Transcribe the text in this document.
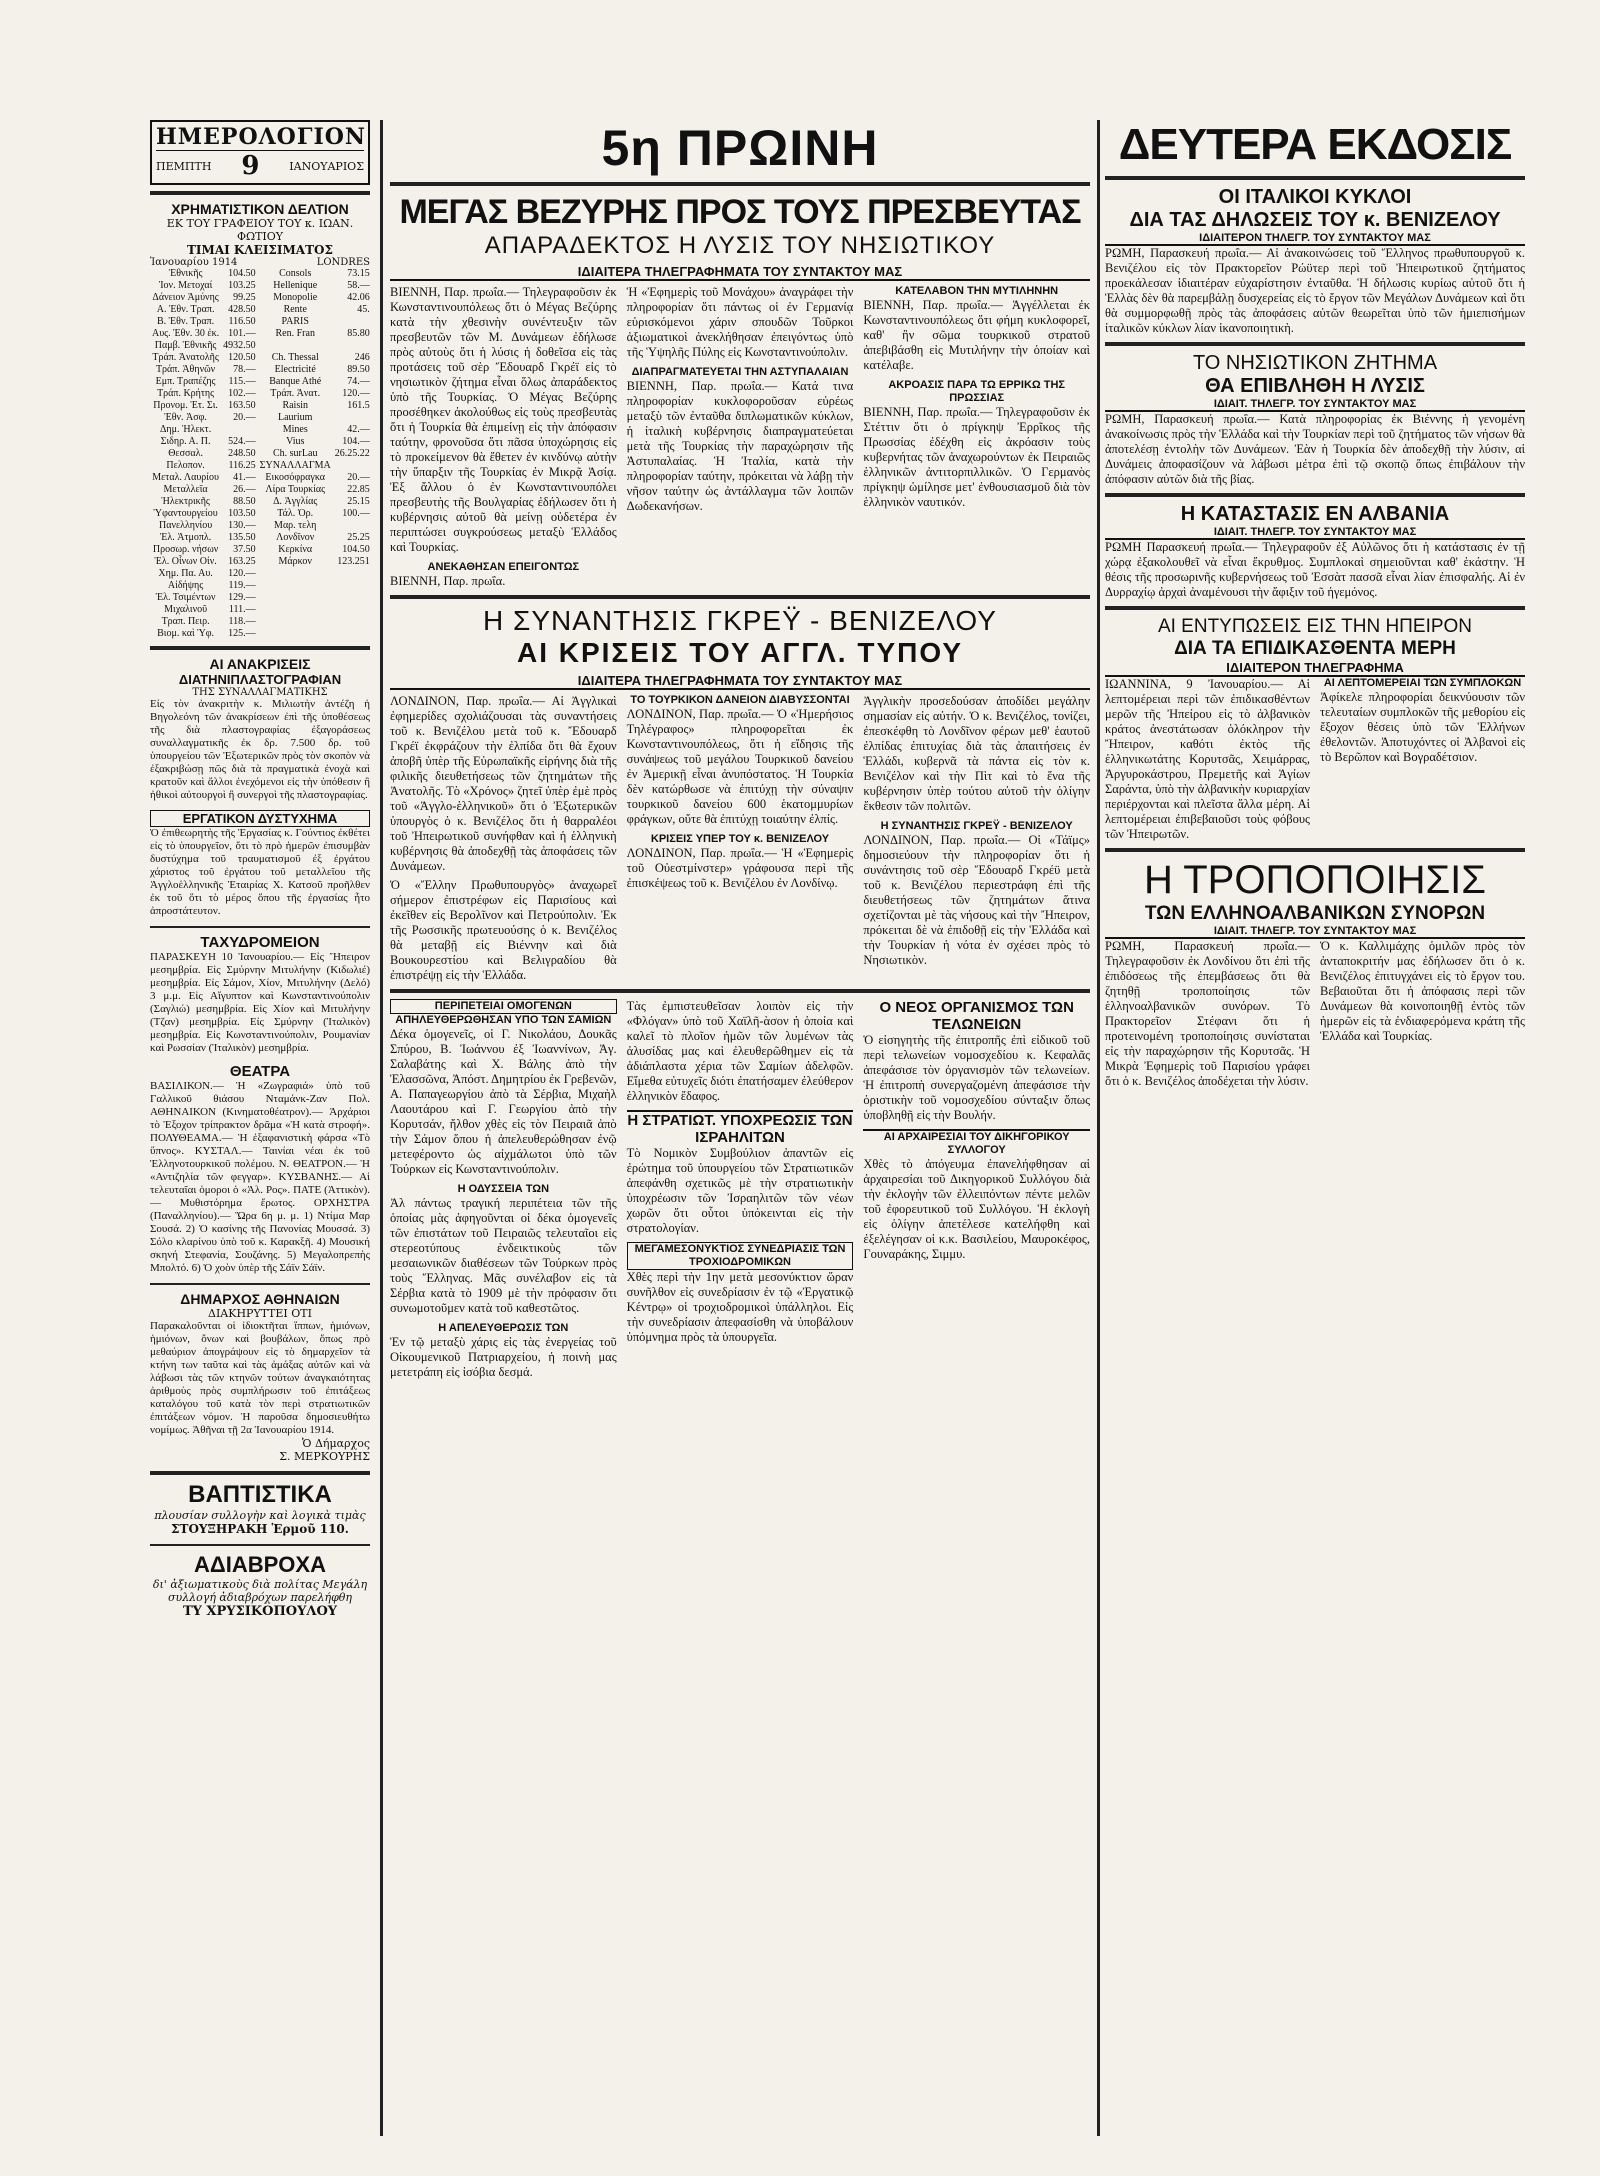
ΗΜΕΡΟΛΟΓΙΟΝ
ΠΕΜΠΤΗ 9	ΙΑΝΟΥΑΡΙΟΣ
ΧΡΗΜΑΤΙΣΤΙΚΟΝ ΔΕΛΤΙΟΝ
ΕΚ ΤΟΥ ΓΡΑΦΕΙΟΥ ΤΟΥ κ. ΙΩΑΝ. ΦΩΤΙΟΥ
ΤΙΜΑΙ ΚΛΕΙΣΙΜΑΤΟΣ
Ἰανουαρίου 1914	LONDRES
Ἐθνικῆς	104.50	Consols	73.15
Ἰον. Μετοχαί	103.25	Hellenique	58.—
Δάνειον Ἀμύνης	99.25	Monopolie	42.06
Α. Ἐθν. Τραπ.	428.50	Rente	45.
Β. Ἐθν. Τραπ.	116.50	PARIS	
Αυς. Ἐθν. 30 ἐκ.	101.—	Ren. Fran	85.80
Παμβ. Ἐθνικῆς	4932.50		
Τράπ. Ἀνατολῆς	120.50	Ch. Thessal	246
Τράπ. Ἀθηνῶν	78.—	Electricité	89.50
Εμπ. Τραπέζης	115.—	Banque Athé	74.—
Τράπ. Κρήτης	102.—	Τράπ. Ἀνατ.	120.—
Προνομ. Ἐτ. Σι.	163.50	Raisin	161.5
Ἐθν. Ἀσφ.	20.—	Laurium	
Δημ. Ἠλεκτ.		Mines	42.—
Σιδηρ. Α. Π.	524.—	Vius	104.—
Θεσσαλ.	248.50	Ch. surLau	26.25.22
Πελοπον.	116.25	ΣΥΝΑΛΛΑΓΜΑ	
Μεταλ. Λαυρίου	41.—	Εικοσόφραγκα	20.—
Μεταλλεῖα	26.—	Λίρα Τουρκίας	22.85
Ἠλεκτρικῆς	88.50	Δ. Ἀγγλίας	25.15
Ὑφαντουργείου	103.50	Τάλ. Ὀρ.	100.—
Πανελληνίου	130.—	Μαρ. τελη	
Ἐλ. Ἀτμοπλ.	135.50	Λονδῖνον	25.25
Προσωρ. νήσων	37.50	Κερκίνα	104.50
Ἐλ. Οἶνων Οἰν.	163.25	Μάρκον	123.251
Χημ. Πα. Αυ.	120.—		
Αἰδήψης	119.—		
Ἐλ. Τσιμέντων	129.—		
Μιχαλινοῦ	111.—		
Τραπ. Πειρ.	118.—		
Βιομ. καὶ Ὑφ.	125.—		
ΑΙ ΑΝΑΚΡΙΣΕΙΣ
ΔΙΑΤΗΝΙΠΛΑΣΤΟΓΡΑΦΙΑΝ
ΤΗΣ ΣΥΝΑΛΛΑΓΜΑΤΙΚΗΣ
Εἰς τὸν ἀνακριτὴν κ. Μιλιωτὴν ἀντέζη ἡ Βηγολεόνη τῶν ἀνακρίσεων ἐπὶ τῆς ὑποθέσεως τῆς διὰ πλαστογραφίας ἐξαγοράσεως συναλλαγματικῆς ἐκ δρ. 7.500 δρ. τοῦ ὑπουργείου τῶν Ἐξωτερικῶν πρὸς τὸν σκοπὸν νὰ ἐξακριβώσῃ πῶς διὰ τὰ πραγματικὰ ἐνοχὰ καὶ κρατοῦν καὶ ἄλλοι ἐνεχόμενοι εἰς τὴν ὑπόθεσιν ἢ ἠθικοὶ αὐτουργοὶ ἢ συνεργοὶ τῆς πλαστογραφίας.
ΕΡΓΑΤΙΚΟΝ ΔΥΣΤΥΧΗΜΑ
Ὁ ἐπιθεωρητὴς τῆς Ἐργασίας κ. Γούντιος ἐκθέτει εἰς τὸ ὑπουργεῖον, ὅτι τὸ πρὸ ἡμερῶν ἐπισυμβὰν δυστύχημα τοῦ τραυματισμοῦ ἐξ ἐργάτου χάριστος τοῦ ἐργάτου τοῦ μεταλλεῖου τῆς Ἀγγλοἑλληνικῆς Ἑταιρίας Χ. Κατσοῦ προῆλθεν ἐκ τοῦ ὅτι τὸ μέρος ὅπου τῆς ἐργασίας ἦτο ἀπροστάτευτον.
ΤΑΧΥΔΡΟΜΕΙΟΝ
ΠΑΡΑΣΚΕΥΗ 10 Ἰανουαρίου.— Εἰς Ἤπειρον μεσημβρία. Εἰς Σμύρνην Μιτυλήνην (Κιδωλιέ) μεσημβρία. Εἰς Σάμον, Χίον, Μιτυλήνην (Δελό) 3 μ.μ. Εἰς Αἴγυπτον καὶ Κωνσταντινούπολιν (Σαγλιώ) μεσημβρία. Εἰς Χίον καὶ Μιτυλήνην (Τζαν) μεσημβρία. Εἰς Σμύρνην (Ἰταλικὸν) μεσημβρία. Εἰς Κωνσταντινούπολιν, Ρουμανίαν καὶ Ρωσσίαν (Ἰταλικὸν) μεσημβρία.
ΘΕΑΤΡΑ
ΒΑΣΙΛΙΚΟΝ.— Ἡ «Ζωγραφιά» ὑπὸ τοῦ Γαλλικοῦ θιάσου Νταμάνκ-Ζαν Πολ. ΑΘΗΝΑΙΚΟΝ (Κινηματοθέατρον).— Ἀρχάριοι τὸ Ἐξοχον τρίπρακτον δρᾶμα «Ἡ κατὰ στροφή». ΠΟΛΥΘΕΑΜΑ.— Ἡ ἐξαφανιστικὴ φάρσα «Τὸ ὕπνος». ΚΥΣΤΑΛ.— Ταινίαι νέαι ἐκ τοῦ Ἑλληνοτουρκικοῦ πολέμου. Ν. ΘΕΑΤΡΟΝ.— Ἡ «Αντιζηλία τῶν φεγγαρ». ΚΥΣΒΑΝΗΣ.— Αἱ τελευταῖαι ὁμοροι ὁ «Ἀλ. Ρος». ΠΑΤΕ (Ἀττικὸν).— Μυθιστόρημα ἔρωτος. ΟΡΧΗΣΤΡΑ (Παναλληνίου).— Ὥρα 6η μ. μ. 1) Ντίμα Μαρ Σουσά. 2) Ὁ κασίνης τῆς Πανονίας Μουσσά. 3) Σόλο κλαρίνου ὑπὸ τοῦ κ. Καρακξῆ. 4) Μουσική σκηνή Στεφανία, Σουζάνης. 5) Μεγαλοπρεπὴς Μπολτό. 6) Ὁ χοὸν ὑπὲρ τῆς Σάϊν Σάϊν.
ΔΗΜΑΡΧΟΣ ΑΘΗΝΑΙΩΝ
ΔΙΑΚΗΡΥΤΤΕΙ ΟΤΙ
Παρακαλοῦνται οἱ ἰδιοκτῆται ἵππων, ἡμιόνων, ἡμιόνων, ὄνων καὶ βουβάλων, ὅπως πρὸ μεθαύριον ἀπογράψουν εἰς τὸ δημαρχεῖον τὰ κτήνη των ταῦτα καὶ τὰς ἀμάξας αὐτῶν καὶ νὰ λάβωσι τὰς τῶν κτηνῶν τούτων ἀναγκαιότητας ἀριθμοὺς πρὸς συμπλήρωσιν τοῦ ἐπιτάξεως καταλόγου τοῦ κατὰ τὸν περὶ στρατιωτικῶν ἐπιτάξεων νόμον. Ἡ παροῦσα δημοσιευθήτω νομίμως. Ἀθῆναι τῇ 2α Ἰανουαρίου 1914.
Ὁ Δήμαρχος
Σ. ΜΕΡΚΟΥΡΗΣ
ΒΑΠΤΙΣΤΙΚΑ
πλουσίαν συλλογὴν καὶ λογικὰ τιμὰς
ΣΤΟΥΞΗΡΑΚΗ Ἑρμοῦ 110.
ΑΔΙΑΒΡΟΧΑ
δι' ἀξιωματικοὺς διὰ πολίτας Μεγάλη συλλογή ἀδιαβρόχων παρελήφθη
ΤΥ ΧΡΥΣΙΚΟΠΟΥΛΟΥ
5η ΠΡΩΙΝΗ
ΜΕΓΑΣ ΒΕΖΥΡΗΣ ΠΡΟΣ ΤΟΥΣ ΠΡΕΣΒΕΥΤΑΣ
ΑΠΑΡΑΔΕΚΤΟΣ Η ΛΥΣΙΣ ΤΟΥ ΝΗΣΙΩΤΙΚΟΥ
ΙΔΙΑΙΤΕΡΑ ΤΗΛΕΓΡΑΦΗΜΑΤΑ ΤΟΥ ΣΥΝΤΑΚΤΟΥ ΜΑΣ
ΒΙΕΝΝΗ, Παρ. πρωΐα.— Τηλεγραφοῦσιν ἐκ Κωνσταντινουπόλεως ὅτι ὁ Μέγας Βεζύρης κατὰ τὴν χθεσινὴν συνέντευξιν τῶν πρεσβευτῶν τῶν Μ. Δυνάμεων ἐδήλωσε πρὸς αὐτοὺς ὅτι ἡ λύσις ἡ δοθεῖσα εἰς τὰς προτάσεις τοῦ σὲρ Ἔδουαρδ Γκρέϊ εἰς τὸ νησιωτικὸν ζήτημα εἶναι ὅλως ἀπαράδεκτος ὑπὸ τῆς Τουρκίας. Ὁ Μέγας Βεζύρης προσέθηκεν ἀκολούθως εἰς τοὺς πρεσβευτὰς ὅτι ἡ Τουρκία θὰ ἐπιμείνῃ εἰς τὴν ἀπόφασιν ταύτην, φρονοῦσα ὅτι πᾶσα ὑποχώρησις εἰς τὸ προκείμενον θὰ ἔθετεν ἐν κινδύνῳ αὐτὴν τὴν ὕπαρξιν τῆς Τουρκίας ἐν Μικρᾷ Ἀσίᾳ. Ἐξ ἄλλου ὁ ἐν Κωνσταντινουπόλει πρεσβευτὴς τῆς Βουλγαρίας ἐδήλωσεν ὅτι ἡ κυβέρνησις αὐτοῦ θὰ μείνῃ οὐδετέρα ἐν περιπτώσει συγκρούσεως μεταξὺ Ἑλλάδος καὶ Τουρκίας.
ΑΝΕΚΑΘΗΣΑΝ ΕΠΕΙΓΟΝΤΩΣ
ΒΙΕΝΝΗ, Παρ. πρωΐα.
Ἡ «Ἐφημερὶς τοῦ Μονάχου» ἀναγράφει τὴν πληροφορίαν ὅτι πάντως οἱ ἐν Γερμανίᾳ εὑρισκόμενοι χάριν σπουδῶν Τοῦρκοι ἀξιωματικοὶ ἀνεκλήθησαν ἐπειγόντως ὑπὸ τῆς Ὑψηλῆς Πύλης εἰς Κωνσταντινούπολιν.
ΔΙΑΠΡΑΓΜΑΤΕΥΕΤΑΙ ΤΗΝ ΑΣΤΥΠΑΛΑΙΑΝ
ΒΙΕΝΝΗ, Παρ. πρωΐα.— Κατά τινα πληροφορίαν κυκλοφοροῦσαν εὐρέως μεταξὺ τῶν ἐνταῦθα διπλωματικῶν κύκλων, ἡ ἰταλικὴ κυβέρνησις διαπραγματεύεται μετὰ τῆς Τουρκίας τὴν παραχώρησιν τῆς Ἀστυπαλαίας. Ἡ Ἰταλία, κατὰ τὴν πληροφορίαν ταύτην, πρόκειται νὰ λάβῃ τὴν νῆσον ταύτην ὡς ἀντάλλαγμα τῶν λοιπῶν Δωδεκανήσων.
ΚΑΤΕΛΑΒΟΝ ΤΗΝ ΜΥΤΙΛΗΝΗΝ
ΒΙΕΝΝΗ, Παρ. πρωΐα.— Ἀγγέλλεται ἐκ Κωνσταντινουπόλεως ὅτι φήμη κυκλοφορεῖ, καθ' ἣν σῶμα τουρκικοῦ στρατοῦ ἀπεβιβάσθη εἰς Μυτιλήνην τὴν ὁποίαν καὶ κατέλαβε.
ΑΚΡΟΑΣΙΣ ΠΑΡΑ ΤΩ ΕΡΡΙΚΩ ΤΗΣ ΠΡΩΣΣΙΑΣ
ΒΙΕΝΝΗ, Παρ. πρωΐα.— Τηλεγραφοῦσιν ἐκ Στέττιν ὅτι ὁ πρίγκηψ Ἐρρῖκος τῆς Πρωσσίας ἐδέχθη εἰς ἀκρόασιν τοὺς κυβερνήτας τῶν ἀναχωρούντων ἐκ Πειραιῶς ἑλληνικῶν ἀντιτορπιλλικῶν. Ὁ Γερμανὸς πρίγκηψ ὡμίλησε μετ' ἐνθουσιασμοῦ διὰ τὸν ἑλληνικὸν ναυτικόν.
Η ΣΥΝΑΝΤΗΣΙΣ ΓΚΡΕΫ - ΒΕΝΙΖΕΛΟΥ
ΑΙ ΚΡΙΣΕΙΣ ΤΟΥ ΑΓΓΛ. ΤΥΠΟΥ
ΙΔΙΑΙΤΕΡΑ ΤΗΛΕΓΡΑΦΗΜΑΤΑ ΤΟΥ ΣΥΝΤΑΚΤΟΥ ΜΑΣ
ΛΟΝΔΙΝΟΝ, Παρ. πρωΐα.— Αἱ Ἀγγλικαὶ ἐφημερίδες σχολιάζουσαι τὰς συναντήσεις τοῦ κ. Βενιζέλου μετὰ τοῦ κ. Ἔδουαρδ Γκρέϊ ἐκφράζουν τὴν ἐλπίδα ὅτι θὰ ἔχουν ἀποβῆ ὑπὲρ τῆς Εὐρωπαϊκῆς εἰρήνης διὰ τῆς φιλικῆς διευθετήσεως τῶν ζητημάτων τῆς Ἀνατολῆς. Τὸ «Χρόνος» ζητεῖ ὑπὲρ ἐμὲ πρὸς τοῦ «Ἀγγλο-ἑλληνικοῦ» ὅτι ὁ Ἐξωτερικῶν ὑπουργὸς ὁ κ. Βενιζέλος ὅτι ἡ θαρραλέοι τοῦ Ἠπειρωτικοῦ συνήφθαν καὶ ἡ ἑλληνικὴ κυβέρνησις θὰ ἀποδεχθῇ τὰς ἀποφάσεις τῶν Δυνάμεων.
Ὁ «Ἔλλην Πρωθυπουργὸς» ἀναχωρεῖ σήμερον ἐπιστρέφων εἰς Παρισίους καὶ ἐκεῖθεν εἰς Βερολῖνον καὶ Πετρούπολιν. Ἐκ τῆς Ρωσσικῆς πρωτευούσης ὁ κ. Βενιζέλος θὰ μεταβῇ εἰς Βιέννην καὶ διὰ Βουκουρεστίου καὶ Βελιγραδίου θὰ ἐπιστρέψῃ εἰς τὴν Ἑλλάδα.
ΤΟ ΤΟΥΡΚΙΚΟΝ ΔΑΝΕΙΟΝ ΔΙΑΒΥΣΣΟΝΤΑΙ
ΛΟΝΔΙΝΟΝ, Παρ. πρωΐα.— Ὁ «Ἡμερήσιος Τηλέγραφος» πληροφορεῖται ἐκ Κωνσταντινουπόλεως, ὅτι ἡ εἴδησις τῆς συνάψεως τοῦ μεγάλου Τουρκικοῦ δανείου ἐν Ἀμερικῇ εἶναι ἀνυπόστατος. Ἡ Τουρκία δὲν κατώρθωσε νὰ ἐπιτύχῃ τὴν σύναψιν τουρκικοῦ δανείου 600 ἑκατομμυρίων φράγκων, οὔτε θὰ ἐπιτύχῃ τοιαύτην ἐλπίς.
ΚΡΙΣΕΙΣ ΥΠΕΡ ΤΟΥ κ. ΒΕΝΙΖΕΛΟΥ
ΛΟΝΔΙΝΟΝ, Παρ. πρωΐα.— Ἡ «Ἐφημερὶς τοῦ Οὐεστμίνστερ» γράφουσα περὶ τῆς ἐπισκέψεως τοῦ κ. Βενιζέλου ἐν Λονδίνῳ.
Ἀγγλικὴν προσεδούσαν ἀποδίδει μεγάλην σημασίαν εἰς αὐτήν. Ὁ κ. Βενιζέλος, τονίζει, ἐπεσκέφθη τὸ Λονδῖνον φέρων μεθ' ἑαυτοῦ ἐλπίδας ἐπιτυχίας διὰ τὰς ἀπαιτήσεις ἐν Ἑλλάδι, κυβερνᾶ τὰ πάντα εἰς τὸν κ. Βενιζέλον καὶ τὴν Πὶτ καὶ τὸ ἕνα τῆς κυβέρνησιν ὑπὲρ τούτου αὐτοῦ τὴν ὁλίγην ἔκθεσιν τῶν πολιτῶν.
Η ΣΥΝΑΝΤΗΣΙΣ ΓΚΡΕΫ - ΒΕΝΙΖΕΛΟΥ
ΛΟΝΔΙΝΟΝ, Παρ. πρωΐα.— Οἱ «Τάϊμς» δημοσιεύουν τὴν πληροφορίαν ὅτι ἡ συνάντησις τοῦ σὲρ Ἔδουαρδ Γκρέϋ μετὰ τοῦ κ. Βενιζέλου περιεστράφη ἐπὶ τῆς διευθετήσεως τῶν ζητημάτων ἅτινα σχετίζονται μὲ τὰς νήσους καὶ τὴν Ἤπειρον, πρόκειται δὲ νὰ ἐπιδοθῇ εἰς τὴν Ἑλλάδα καὶ τὴν Τουρκίαν ἡ νότα ἐν σχέσει πρὸς τὸ Νησιωτικὸν.
ΠΕΡΙΠΕΤΕΙΑΙ ΟΜΟΓΕΝΩΝ
ΑΠΗΛΕΥΘΕΡΩΘΗΣΑΝ ΥΠΟ ΤΩΝ ΣΑΜΙΩΝ
Δέκα ὁμογενεῖς, οἱ Γ. Νικολάου, Δουκᾶς Σπύρου, Β. Ἰωάννου ἐξ Ἰωαννίνων, Ἀγ. Σαλαβάτης καὶ Χ. Βάλης ἀπὸ τὴν Ἐλασσῶνα, Ἀπόστ. Δημητρίου ἐκ Γρεβενῶν, Α. Παπαγεωργίου ἀπὸ τὰ Σέρβια, Μιχαὴλ Λαουτάρου καὶ Γ. Γεωργίου ἀπὸ τὴν Κορυτσάν, ἤλθον χθὲς εἰς τὸν Πειραιᾶ ἀπὸ τὴν Σάμον ὅπου ἡ ἀπελευθερώθησαν ἐνῷ μετεφέροντο ὡς αἰχμάλωτοι ὑπὸ τῶν Τούρκων εἰς Κωνσταντινούπολιν.
Η ΟΔΥΣΣΕΙΑ ΤΩΝ
Ἀλ πάντως τραγική περιπέτεια τῶν τῆς ὁποίας μὰς ἀφηγοῦνται οἱ δέκα ὁμογενεῖς τῶν ἐπιστάτων τοῦ Πειραιῶς τελευταῖοι εἰς στερεοτύπους ἐνδεικτικοὺς τῶν μεσαιωνικῶν διαθέσεων τῶν Τούρκων πρὸς τοὺς Ἕλληνας. Μᾶς συνέλαβον εἰς τὰ Σέρβια κατὰ τὸ 1909 μὲ τὴν πρόφασιν ὅτι συνωμοτοῦμεν κατὰ τοῦ καθεστῶτος.
Η ΑΠΕΛΕΥΘΕΡΩΣΙΣ ΤΩΝ
Ἐν τῷ μεταξὺ χάρις εἰς τὰς ἐνεργείας τοῦ Οἰκουμενικοῦ Πατριαρχείου, ἡ ποινὴ μας μετετράπη εἰς ἰσόβια δεσμά.
Τὰς ἐμπιστευθεῖσαν λοιπὸν εἰς τὴν «Φλόγαν» ὑπὸ τοῦ Χαϊλῆ-ὰσον ἡ ὁποία καὶ καλεῖ τὸ πλοῖον ἡμῶν τῶν λυμένων τὰς ἀλυσίδας μας καὶ ἐλευθερῶθημεν εἰς τὰ ἀδιάπλαστα χέρια τῶν Σαμίων ἀδελφῶν. Εἴμεθα εὐτυχεῖς διότι ἐπατήσαμεν ἐλεύθερον ἑλληνικὸν ἔδαφος.
Η ΣΤΡΑΤΙΩΤ. ΥΠΟΧΡΕΩΣΙΣ ΤΩΝ ΙΣΡΑΗΛΙΤΩΝ
Τὸ Νομικὸν Συμβούλιον ἀπαντῶν εἰς ἐρώτημα τοῦ ὑπουργείου τῶν Στρατιωτικῶν ἀπεφάνθη σχετικῶς μὲ τὴν στρατιωτικὴν ὑποχρέωσιν τῶν Ἰσραηλιτῶν τῶν νέων χωρῶν ὅτι οὗτοι ὑπόκεινται εἰς τὴν στρατολογίαν.
ΜΕΓΑΜΕΣΟΝΥΚΤΙΟΣ ΣΥΝΕΔΡΙΑΣΙΣ ΤΩΝ ΤΡΟΧΙΟΔΡΟΜΙΚΩΝ
Χθὲς περὶ τὴν 1ην μετὰ μεσονύκτιον ὥραν συνῆλθον εἰς συνεδρίασιν ἐν τῷ «Ἐργατικῷ Κέντρῳ» οἱ τροχιοδρομικοὶ ὑπάλληλοι. Εἰς τὴν συνεδρίασιν ἀπεφασίσθη νὰ ὑποβάλουν ὑπόμνημα πρὸς τὰ ὑπουργεῖα.
Ο ΝΕΟΣ ΟΡΓΑΝΙΣΜΟΣ ΤΩΝ ΤΕΛΩΝΕΙΩΝ
Ὁ εἰσηγητὴς τῆς ἐπιτροπῆς ἐπὶ εἰδικοῦ τοῦ περὶ τελωνείων νομοσχεδίου κ. Κεφαλᾶς ἀπεφάσισε τὸν ὀργανισμὸν τῶν τελωνείων. Ἡ ἐπιτροπὴ συνεργαζομένη ἀπεφάσισε τὴν ὁριστικὴν τοῦ νομοσχεδίου σύνταξιν ὅπως ὑποβληθῇ εἰς τὴν Βουλήν.
ΑΙ ΑΡΧΑΙΡΕΣΙΑΙ ΤΟΥ ΔΙΚΗΓΟΡΙΚΟΥ ΣΥΛΛΟΓΟΥ
Χθὲς τὸ ἀπόγευμα ἐπανελήφθησαν αἱ ἀρχαιρεσίαι τοῦ Δικηγορικοῦ Συλλόγου διὰ τὴν ἐκλογὴν τῶν ἐλλειπόντων πέντε μελῶν τοῦ ἐφορευτικοῦ τοῦ Συλλόγου. Ἡ ἐκλογὴ εἰς ὁλίγην ἀπετέλεσε κατελήφθη καὶ ἐξελέγησαν οἱ κ.κ. Βασιλείου, Μαυροκέφος, Γουναράκης, Σιμμυ.
ΔΕΥΤΕΡΑ ΕΚΔΟΣΙΣ
ΟΙ ΙΤΑΛΙΚΟΙ ΚΥΚΛΟΙ
ΔΙΑ ΤΑΣ ΔΗΛΩΣΕΙΣ ΤΟΥ κ. ΒΕΝΙΖΕΛΟΥ
ΙΔΙΑΙΤΕΡΟΝ ΤΗΛΕΓΡ. ΤΟΥ ΣΥΝΤΑΚΤΟΥ ΜΑΣ
ΡΩΜΗ, Παρασκευή πρωΐα.— Αἱ ἀνακοινώσεις τοῦ Ἕλληνος πρωθυπουργοῦ κ. Βενιζέλου εἰς τὸν Πρακτορεῖον Ρώϋτερ περὶ τοῦ Ἠπειρωτικοῦ ζητήματος προεκάλεσαν ἰδιαιτέραν εὐχαρίστησιν ἐνταῦθα. Ἡ δήλωσις κυρίως αὐτοῦ ὅτι ἡ Ἑλλὰς δὲν θὰ παρεμβάλῃ δυσχερείας εἰς τὸ ἔργον τῶν Μεγάλων Δυνάμεων καὶ ὅτι θὰ συμμορφωθῇ πρὸς τὰς ἀποφάσεις αὐτῶν θεωρεῖται ὑπὸ τῶν ἡμιεπισήμων ἰταλικῶν κύκλων λίαν ἱκανοποιητικὴ.
ΤΟ ΝΗΣΙΩΤΙΚΟΝ ΖΗΤΗΜΑ
ΘΑ ΕΠΙΒΛΗΘΗ Η ΛΥΣΙΣ
ΙΔΙΑΙΤ. ΤΗΛΕΓΡ. ΤΟΥ ΣΥΝΤΑΚΤΟΥ ΜΑΣ
ΡΩΜΗ, Παρασκευή πρωΐα.— Κατὰ πληροφορίας ἐκ Βιέννης ἡ γενομένη ἀνακοίνωσις πρὸς τὴν Ἑλλάδα καὶ τὴν Τουρκίαν περὶ τοῦ ζητήματος τῶν νήσων θὰ ἀποτελέσῃ ἐντολὴν τῶν Δυνάμεων. Ἐὰν ἡ Τουρκία δὲν ἀποδεχθῇ τὴν λύσιν, αἱ Δυνάμεις ἀποφασίζουν νὰ λάβωσι μέτρα ἐπὶ τῷ σκοπῷ ὅπως ἐπιβάλουν τὴν ἀπόφασιν αὐτῶν διὰ τῆς βίας.
Η ΚΑΤΑΣΤΑΣΙΣ ΕΝ ΑΛΒΑΝΙΑ
ΙΔΙΑΙΤ. ΤΗΛΕΓΡ. ΤΟΥ ΣΥΝΤΑΚΤΟΥ ΜΑΣ
ΡΩΜΗ Παρασκευή πρωΐα.— Τηλεγραφοῦν ἐξ Αὐλῶνος ὅτι ἡ κατάστασις ἐν τῇ χώρᾳ ἐξακολουθεῖ νὰ εἶναι ἔκρυθμος. Συμπλοκαὶ σημειοῦνται καθ' ἑκάστην. Ἡ θέσις τῆς προσωρινῆς κυβερνήσεως τοῦ Ἐσσὰτ πασσᾶ εἶναι λίαν ἐπισφαλής. Αἱ ἐν Δυρραχίῳ ἀρχαὶ ἀναμένουσι τὴν ἄφιξιν τοῦ ἡγεμόνος.
ΑΙ ΕΝΤΥΠΩΣΕΙΣ ΕΙΣ ΤΗΝ ΗΠΕΙΡΟΝ
ΔΙΑ ΤΑ ΕΠΙΔΙΚΑΣΘΕΝΤΑ ΜΕΡΗ
ΙΔΙΑΙΤΕΡΟΝ ΤΗΛΕΓΡΑΦΗΜΑ
ΙΩΑΝΝΙΝΑ, 9 Ἰανουαρίου.— Αἱ λεπτομέρειαι περὶ τῶν ἐπιδικασθέντων μερῶν τῆς Ἠπείρου εἰς τὸ ἀλβανικὸν κράτος ἀνεστάτωσαν ὁλόκληρον τὴν Ἤπειρον, καθότι ἐκτὸς τῆς ἑλληνικωτάτης Κορυτσᾶς, Χειμάρρας, Ἀργυροκάστρου, Πρεμετῆς καὶ Ἁγίων Σαράντα, ὑπὸ τὴν ἀλβανικὴν κυριαρχίαν περιέρχονται καὶ πλεῖστα ἄλλα μέρη. Αἱ λεπτομέρειαι ἐπιβεβαιοῦσι τοὺς φόβους τῶν Ἠπειρωτῶν.
ΑΙ ΛΕΠΤΟΜΕΡΕΙΑΙ ΤΩΝ ΣΥΜΠΛΟΚΩΝ
Ἀφίκελε πληροφορίαι δεικνύουσιν τῶν τελευταίων συμπλοκῶν τῆς μεθορίου εἰς ἔξοχον θέσεις ὑπὸ τῶν Ἑλλήνων ἐθελοντῶν. Ἀποτυχόντες οἱ Ἀλβανοὶ εἰς τὸ Βερῶπον καὶ Βογραδέτσιον.
Η ΤΡΟΠΟΠΟΙΗΣΙΣ
ΤΩΝ ΕΛΛΗΝΟΑΛΒΑΝΙΚΩΝ ΣΥΝΟΡΩΝ
ΙΔΙΑΙΤ. ΤΗΛΕΓΡ. ΤΟΥ ΣΥΝΤΑΚΤΟΥ ΜΑΣ
ΡΩΜΗ, Παρασκευή πρωΐα.— Τηλεγραφοῦσιν ἐκ Λονδίνου ὅτι ἐπὶ τῆς ἐπιδόσεως τῆς ἐπεμβάσεως ὅτι θὰ ζητηθῇ τροποποίησις τῶν ἑλληνοαλβανικῶν συνόρων. Τὸ Πρακτορεῖον Στέφανι ὅτι ἡ προτεινομένη τροποποίησις συνίσταται εἰς τὴν παραχώρησιν τῆς Κορυτσᾶς. Ἡ Μικρὰ Ἐφημερὶς τοῦ Παρισίου γράφει ὅτι ὁ κ. Βενιζέλος ἀποδέχεται τὴν λύσιν.
Ὁ κ. Καλλιμάχης ὁμιλῶν πρὸς τὸν ἀνταποκριτήν μας ἐδήλωσεν ὅτι ὁ κ. Βενιζέλος ἐπιτυγχάνει εἰς τὸ ἔργον του. Βεβαιοῦται ὅτι ἡ ἀπόφασις περὶ τῶν Δυνάμεων θὰ κοινοποιηθῇ ἐντὸς τῶν ἡμερῶν εἰς τὰ ἐνδιαφερόμενα κράτη τῆς Ἑλλάδα καὶ Τουρκίας.
